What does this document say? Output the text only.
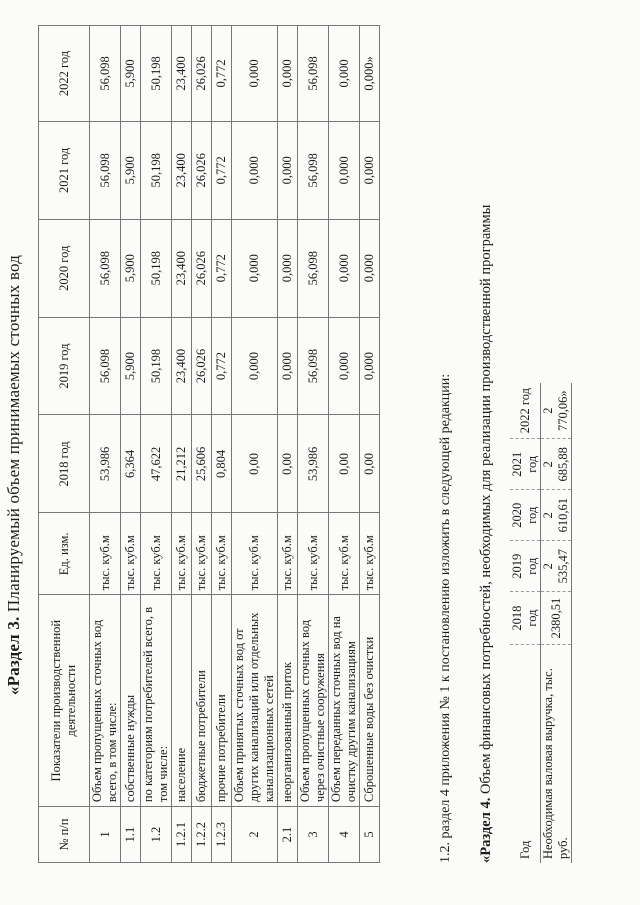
«Раздел 3. Планируемый объем принимаемых сточных вод
№ п/п	Показатели производственной деятельности	Ед. изм.	2018 год	2019 год	2020 год	2021 год	2022 год
1	Объем пропущенных сточных вод всего, в том числе:	тыс. куб.м	53,986	56,098	56,098	56,098	56,098
1.1	собственные нужды	тыс. куб.м	6,364	5,900	5,900	5,900	5,900
1.2	по категориям потребителей всего, в том числе:	тыс. куб.м	47,622	50,198	50,198	50,198	50,198
1.2.1	население	тыс. куб.м	21,212	23,400	23,400	23,400	23,400
1.2.2	бюджетные потребители	тыс. куб.м	25,606	26,026	26,026	26,026	26,026
1.2.3	прочие потребители	тыс. куб.м	0,804	0,772	0,772	0,772	0,772
2	Объем принятых сточных вод от других канализаций или отдельных канализационных сетей	тыс. куб.м	0,00	0,000	0,000	0,000	0,000
2.1	неорганизованный приток	тыс. куб.м	0,00	0,000	0,000	0,000	0,000
3	Объем пропущенных сточных вод через очистные сооружения	тыс. куб.м	53,986	56,098	56,098	56,098	56,098
4	Объем переданных сточных вод на очистку другим канализациям	тыс. куб.м	0,00	0,000	0,000	0,000	0,000
5	Сброшенные воды без очистки	тыс. куб.м	0,00	0,000	0,000	0,000	0,000»
1.2. раздел 4 приложения № 1 к постановлению изложить в следующей редакции: «Раздел 4. Объем финансовых потребностей, необходимых для реализации производственной программы
Год	2018 год	2019 год	2020 год	2021 год	2022 год
Необходимая валовая выручка, тыс. руб.	2380,51	2 535,47	2 610,61	2 685,88	2 770,06»
